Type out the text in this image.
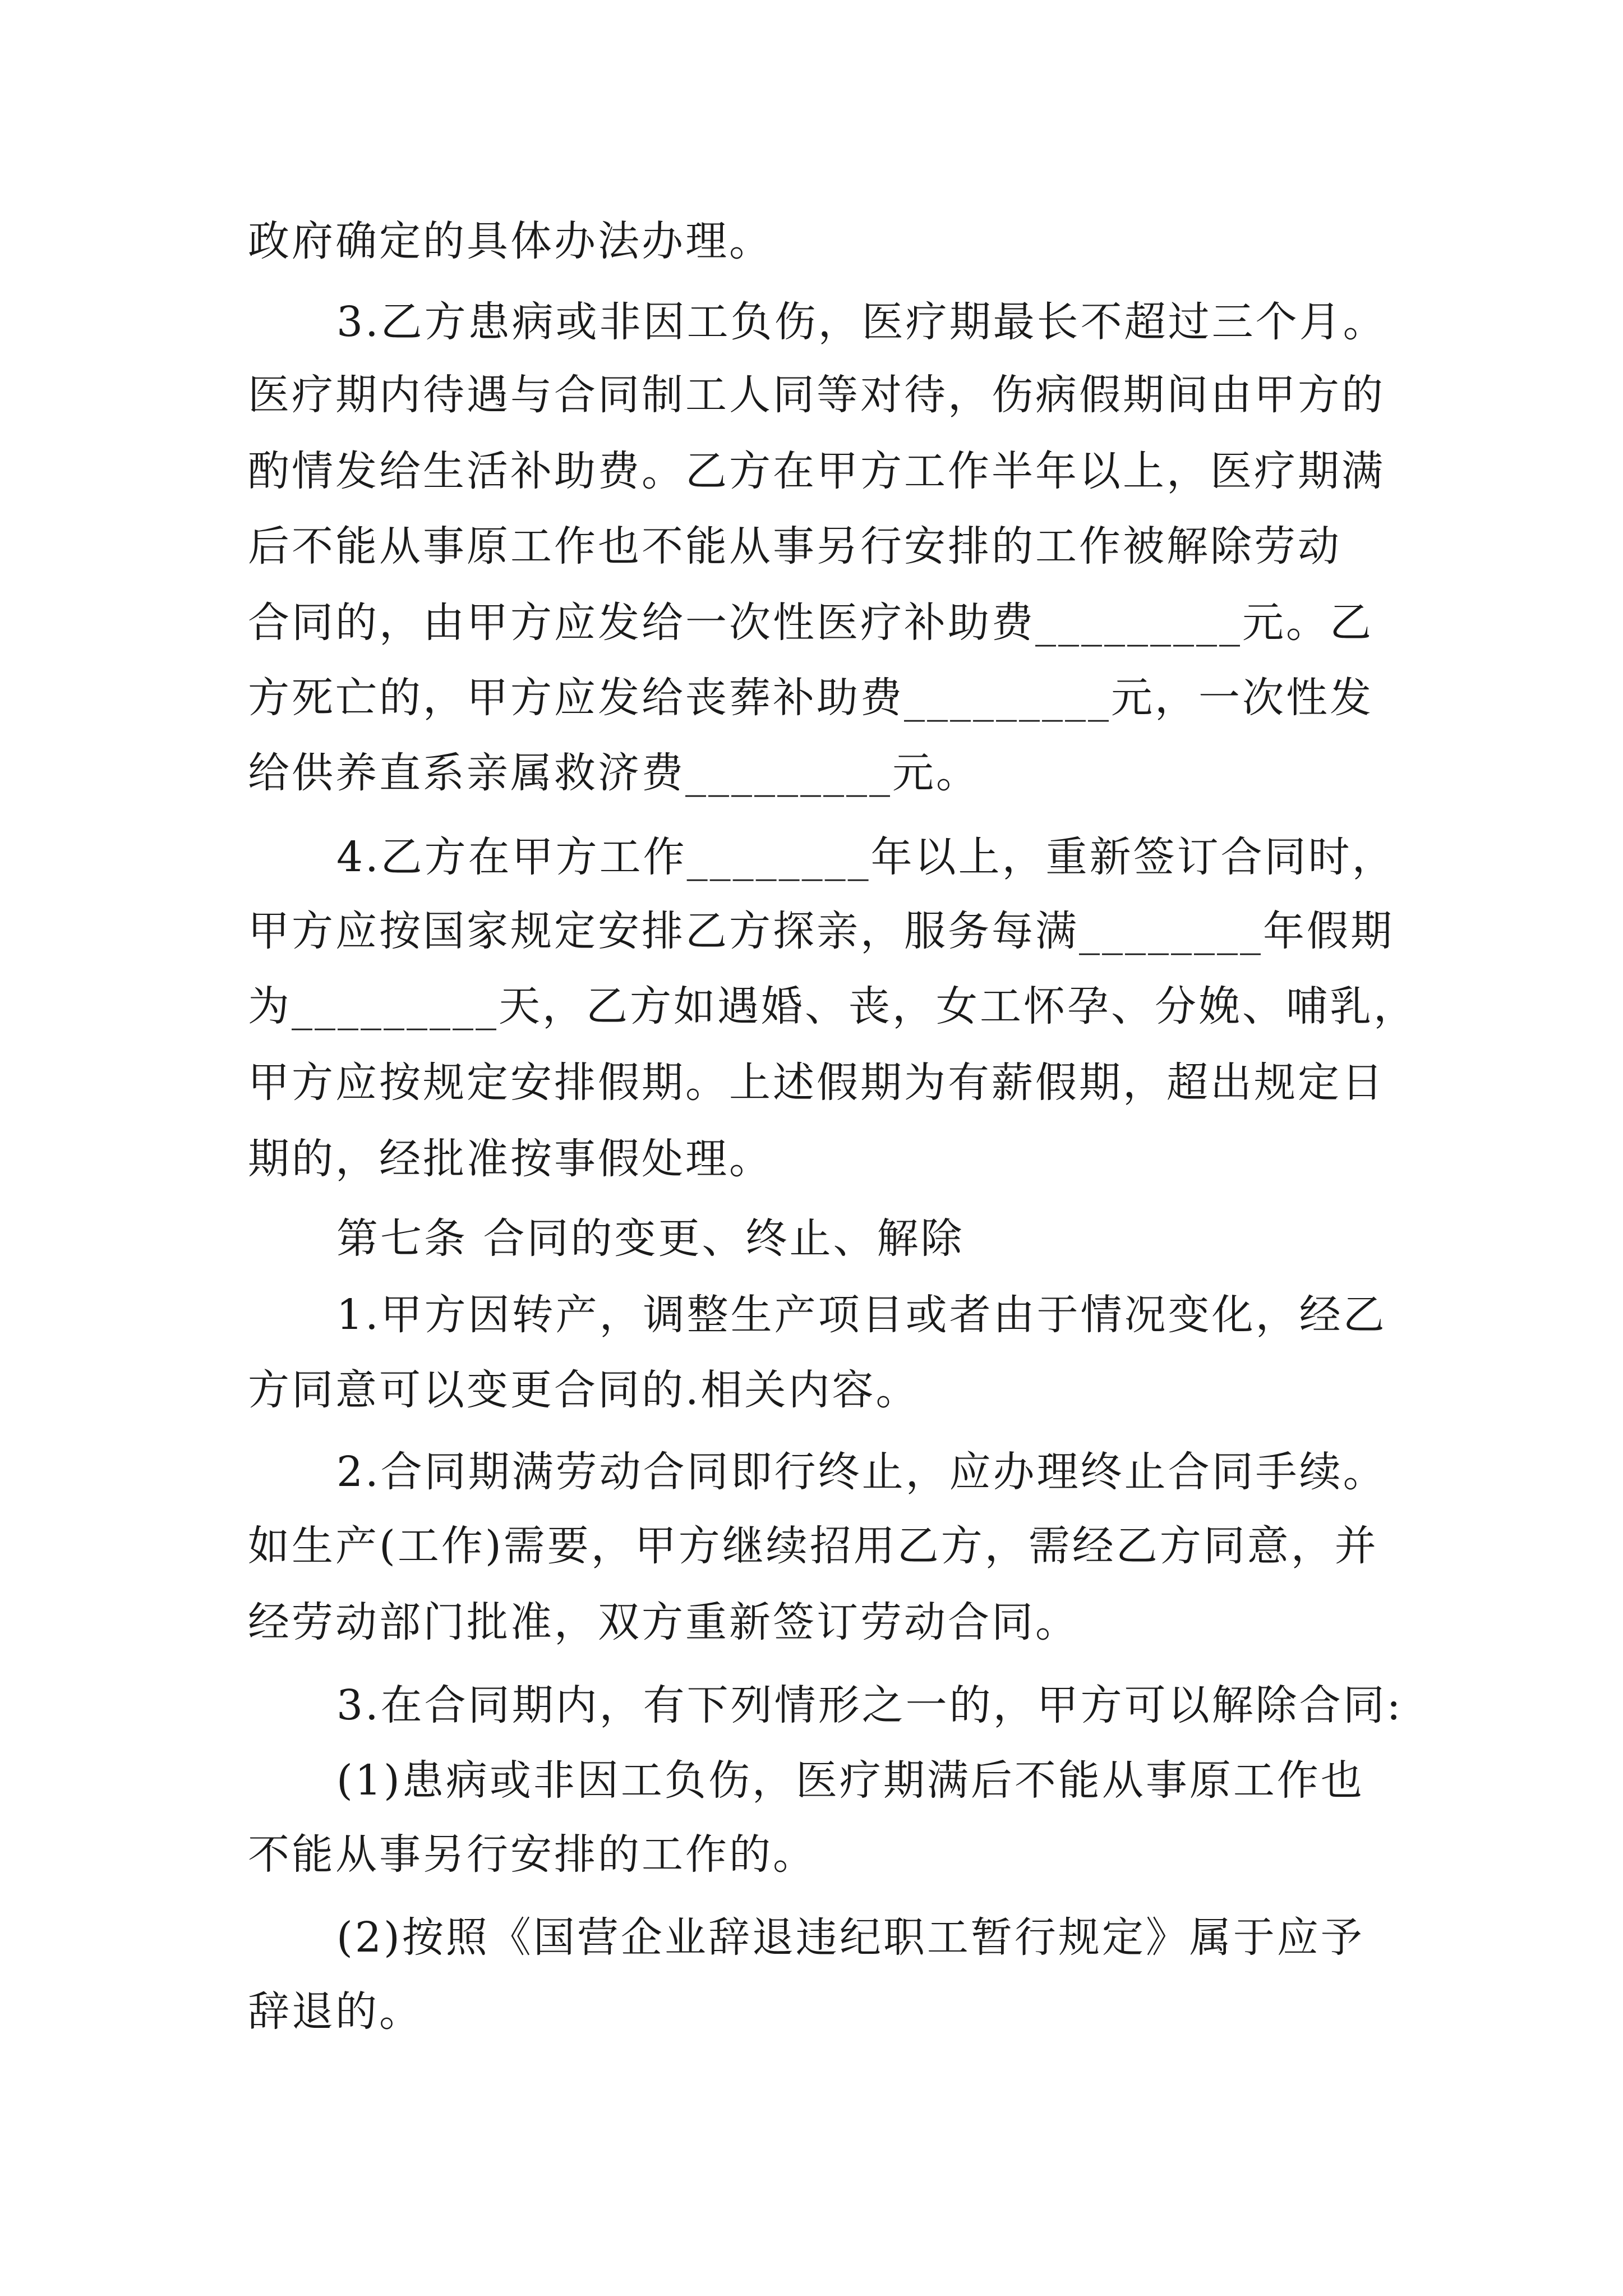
政府确定的具体办法办理。
3.乙方患病或非因工负伤，医疗期最长不超过三个月。
医疗期内待遇与合同制工人同等对待，伤病假期间由甲方的
酌情发给生活补助费。乙方在甲方工作半年以上，医疗期满
后不能从事原工作也不能从事另行安排的工作被解除劳动
合同的，由甲方应发给一次性医疗补助费_________元。乙
方死亡的，甲方应发给丧葬补助费_________元，一次性发
给供养直系亲属救济费_________元。
4.乙方在甲方工作________年以上，重新签订合同时，
甲方应按国家规定安排乙方探亲，服务每满________年假期
为_________天，乙方如遇婚、丧，女工怀孕、分娩、哺乳，
甲方应按规定安排假期。上述假期为有薪假期，超出规定日
期的，经批准按事假处理。
第七条 合同的变更、终止、解除
1.甲方因转产，调整生产项目或者由于情况变化，经乙
方同意可以变更合同的.相关内容。
2.合同期满劳动合同即行终止，应办理终止合同手续。
如生产(工作)需要，甲方继续招用乙方，需经乙方同意，并
经劳动部门批准，双方重新签订劳动合同。
3.在合同期内，有下列情形之一的，甲方可以解除合同:
(1)患病或非因工负伤，医疗期满后不能从事原工作也
不能从事另行安排的工作的。
(2)按照《国营企业辞退违纪职工暂行规定》属于应予
辞退的。
